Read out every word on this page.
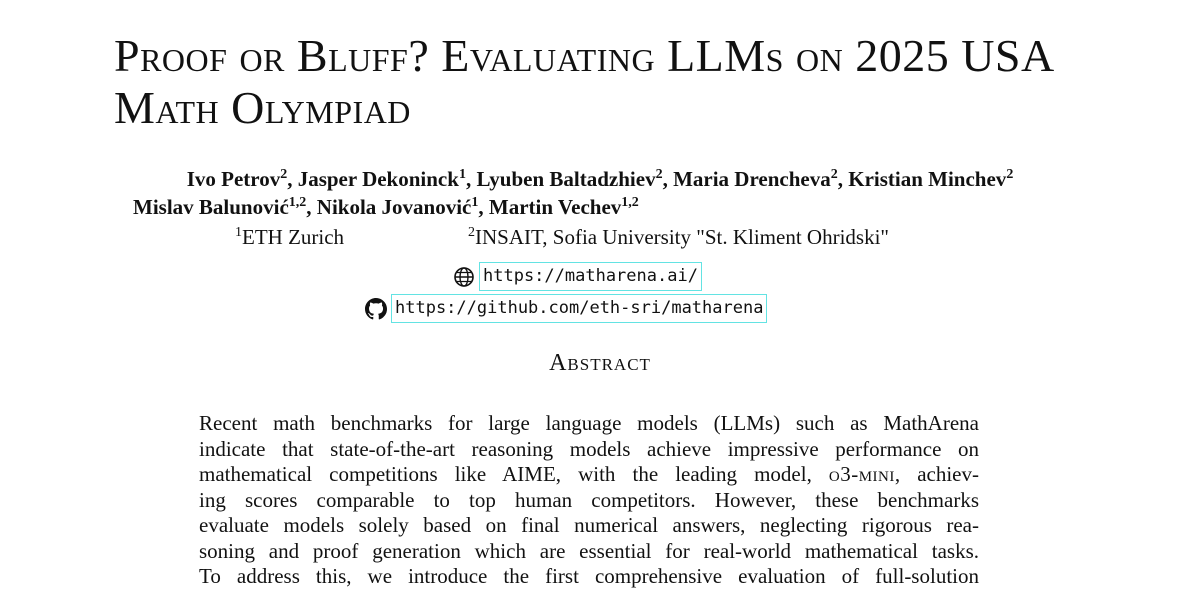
Proof or Bluff? Evaluating LLMs on 2025 USA
Math Olympiad
Ivo Petrov$^2$, Jasper Dekoninck$^1$, Lyuben Baltadzhiev$^2$, Maria Drencheva$^2$, Kristian Minchev$^2$
Mislav Balunović$^{1,2}$, Nikola Jovanović$^1$, Martin Vechev$^{1,2}$
$^1$ETH Zurich	$^2$INSAIT, Sofia University "St. Kliment Ohridski"
https://matharena.ai/
https://github.com/eth-sri/matharena
Abstract
Recent math benchmarks for large language models (LLMs) such as MathArena
indicate that state-of-the-art reasoning models achieve impressive performance on
mathematical competitions like AIME, with the leading model, o3-mini, achiev-
ing scores comparable to top human competitors. However, these benchmarks
evaluate models solely based on final numerical answers, neglecting rigorous rea-
soning and proof generation which are essential for real-world mathematical tasks.
To address this, we introduce the first comprehensive evaluation of full-solution
